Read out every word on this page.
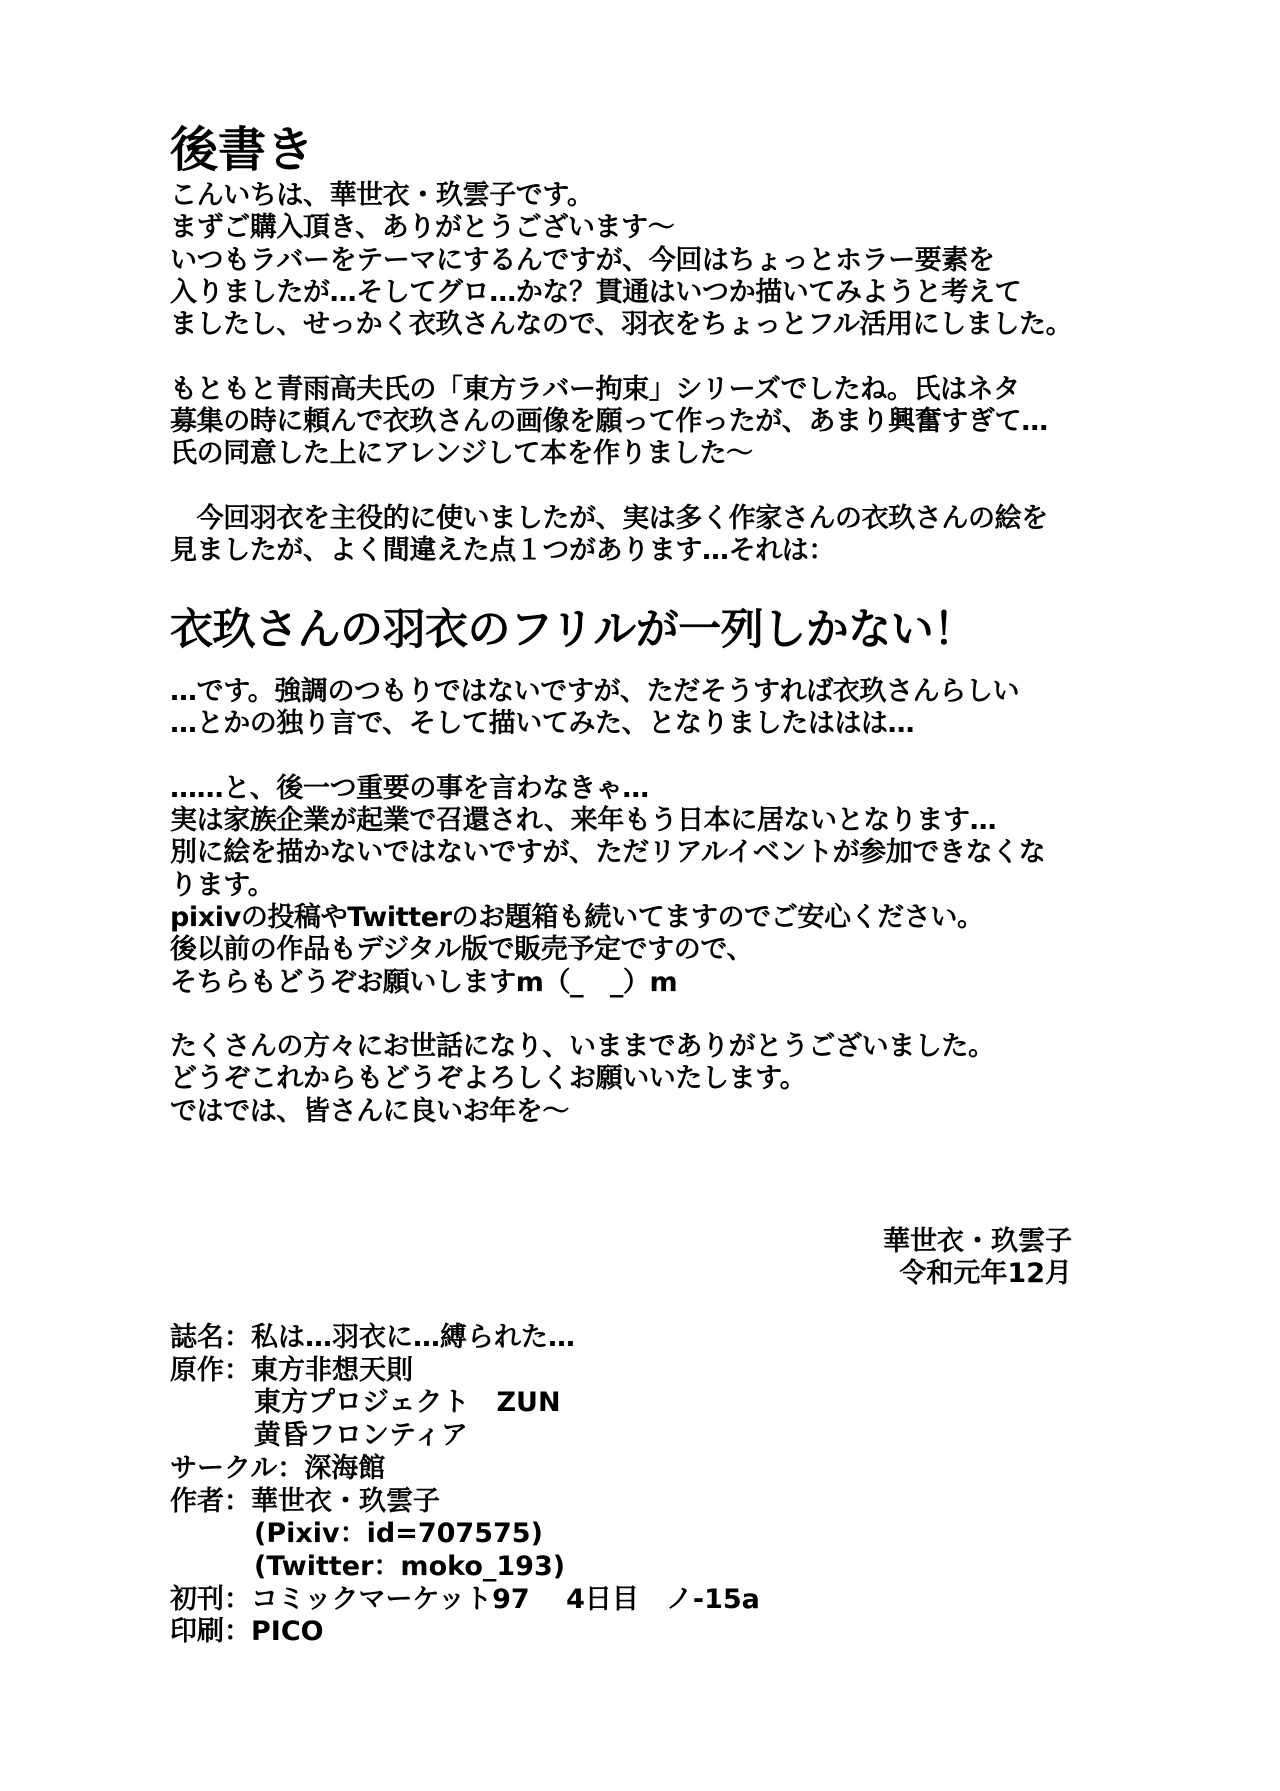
後書き
こんいちは、華世衣・玖雲子です。
まずご購入頂き、ありがとうございます～
いつもラバーをテーマにするんですが、今回はちょっとホラー要素を
入りましたが…そしてグロ…かな？貫通はいつか描いてみようと考えて
ましたし、せっかく衣玖さんなので、羽衣をちょっとフル活用にしました。
もともと青雨高夫氏の「東方ラバー拘束」シリーズでしたね。氏はネタ
募集の時に頼んで衣玖さんの画像を願って作ったが、あまり興奮すぎて…
氏の同意した上にアレンジして本を作りました～
　今回羽衣を主役的に使いましたが、実は多く作家さんの衣玖さんの絵を
見ましたが、よく間違えた点１つがあります…それは：
衣玖さんの羽衣のフリルが一列しかない！
…です。強調のつもりではないですが、ただそうすれば衣玖さんらしい
…とかの独り言で、そして描いてみた、となりましたははは…
……と、後一つ重要の事を言わなきゃ…
実は家族企業が起業で召還され、来年もう日本に居ないとなります…
別に絵を描かないではないですが、ただリアルイベントが参加できなくな
ります。
pixivの投稿やTwitterのお題箱も続いてますのでご安心ください。
後以前の作品もデジタル版で販売予定ですので、
そちらもどうぞお願いしますm（_　_）m
たくさんの方々にお世話になり、いままでありがとうございました。
どうぞこれからもどうぞよろしくお願いいたします。
ではでは、皆さんに良いお年を～
華世衣・玖雲子
令和元年12月
誌名： 私は…羽衣に…縛られた…
原作： 東方非想天則
東方プロジェクト　ZUN
黄昏フロンティア
サークル： 深海館
作者： 華世衣・玖雲子
(Pixiv：id=707575)
(Twitter：moko_193)
初刊： コミックマーケット97　 4日目　ノ-15a
印刷： PICO
